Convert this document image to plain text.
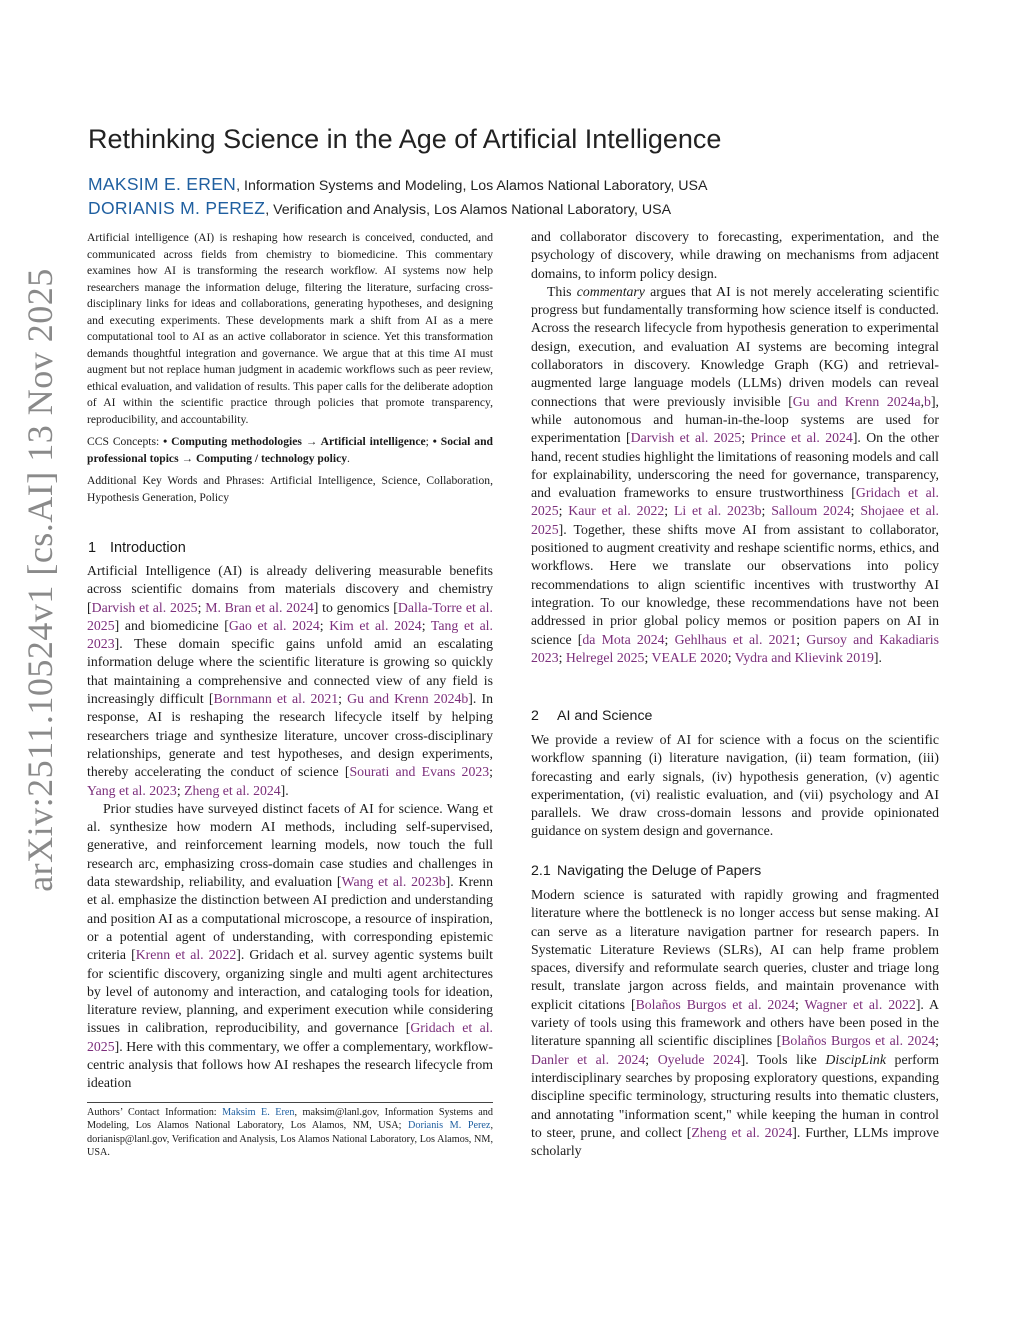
arXiv:2511.10524v1 [cs.AI] 13 Nov 2025
Rethinking Science in the Age of Artificial Intelligence
MAKSIM E. EREN, Information Systems and Modeling, Los Alamos National Laboratory, USA
DORIANIS M. PEREZ, Verification and Analysis, Los Alamos National Laboratory, USA

Artificial intelligence (AI) is reshaping how research is conceived, conducted, and communicated across fields from chemistry to biomedicine. This commentary examines how AI is transforming the research workflow. AI systems now help researchers manage the information deluge, filtering the literature, surfacing cross-disciplinary links for ideas and collaborations, generating hypotheses, and designing and executing experiments. These developments mark a shift from AI as a mere computational tool to AI as an active collaborator in science. Yet this transformation demands thoughtful integration and governance. We argue that at this time AI must augment but not replace human judgment in academic workflows such as peer review, ethical evaluation, and validation of results. This paper calls for the deliberate adoption of AI within the scientific practice through policies that promote transparency, reproducibility, and accountability.

CCS Concepts: • Computing methodologies → Artificial intelligence; • Social and professional topics → Computing / technology policy.

Additional Key Words and Phrases: Artificial Intelligence, Science, Collaboration, Hypothesis Generation, Policy

1 Introduction

Artificial Intelligence (AI) is already delivering measurable benefits across scientific domains from materials discovery and chemistry [Darvish et al. 2025; M. Bran et al. 2024] to genomics [Dalla-Torre et al. 2025] and biomedicine [Gao et al. 2024; Kim et al. 2024; Tang et al. 2023]. These domain specific gains unfold amid an escalating information deluge where the scientific literature is growing so quickly that maintaining a comprehensive and connected view of any field is increasingly difficult [Bornmann et al. 2021; Gu and Krenn 2024b]. In response, AI is reshaping the research lifecycle itself by helping researchers triage and synthesize literature, uncover cross-disciplinary relationships, generate and test hypotheses, and design experiments, thereby accelerating the conduct of science [Sourati and Evans 2023; Yang et al. 2023; Zheng et al. 2024].

Prior studies have surveyed distinct facets of AI for science. Wang et al. synthesize how modern AI methods, including self-supervised, generative, and reinforcement learning models, now touch the full research arc, emphasizing cross-domain case studies and challenges in data stewardship, reliability, and evaluation [Wang et al. 2023b]. Krenn et al. emphasize the distinction between AI prediction and understanding and position AI as a computational microscope, a resource of inspiration, or a potential agent of understanding, with corresponding epistemic criteria [Krenn et al. 2022]. Gridach et al. survey agentic systems built for scientific discovery, organizing single and multi agent architectures by level of autonomy and interaction, and cataloging tools for ideation, literature review, planning, and experiment execution while considering issues in calibration, reproducibility, and governance [Gridach et al. 2025]. Here with this commentary, we offer a complementary, workflow-centric analysis that follows how AI reshapes the research lifecycle from ideation

and collaborator discovery to forecasting, experimentation, and the psychology of discovery, while drawing on mechanisms from adjacent domains, to inform policy design.

This commentary argues that AI is not merely accelerating scientific progress but fundamentally transforming how science itself is conducted. Across the research lifecycle from hypothesis generation to experimental design, execution, and evaluation AI systems are becoming integral collaborators in discovery. Knowledge Graph (KG) and retrieval-augmented large language models (LLMs) driven models can reveal connections that were previously invisible [Gu and Krenn 2024a,b], while autonomous and human-in-the-loop systems are used for experimentation [Darvish et al. 2025; Prince et al. 2024]. On the other hand, recent studies highlight the limitations of reasoning models and call for explainability, underscoring the need for governance, transparency, and evaluation frameworks to ensure trustworthiness [Gridach et al. 2025; Kaur et al. 2022; Li et al. 2023b; Salloum 2024; Shojaee et al. 2025]. Together, these shifts move AI from assistant to collaborator, positioned to augment creativity and reshape scientific norms, ethics, and workflows. Here we translate our observations into policy recommendations to align scientific incentives with trustworthy AI integration. To our knowledge, these recommendations have not been addressed in prior global policy memos or position papers on AI in science [da Mota 2024; Gehlhaus et al. 2021; Gursoy and Kakadiaris 2023; Helregel 2025; VEALE 2020; Vydra and Klievink 2019].

2 AI and Science

We provide a review of AI for science with a focus on the scientific workflow spanning (i) literature navigation, (ii) team formation, (iii) forecasting and early signals, (iv) hypothesis generation, (v) agentic experimentation, (vi) realistic evaluation, and (vii) psychology and AI parallels. We draw cross-domain lessons and provide opinionated guidance on system design and governance.

2.1 Navigating the Deluge of Papers

Modern science is saturated with rapidly growing and fragmented literature where the bottleneck is no longer access but sense making. AI can serve as a literature navigation partner for research papers. In Systematic Literature Reviews (SLRs), AI can help frame problem spaces, diversify and reformulate search queries, cluster and triage long result, translate jargon across fields, and maintain provenance with explicit citations [Bolaños Burgos et al. 2024; Wagner et al. 2022]. A variety of tools using this framework and others have been posed in the literature spanning all scientific disciplines [Bolaños Burgos et al. 2024; Danler et al. 2024; Oyelude 2024]. Tools like DiscipLink perform interdisciplinary searches by proposing exploratory questions, expanding discipline specific terminology, structuring results into thematic clusters, and annotating "information scent," while keeping the human in control to steer, prune, and collect [Zheng et al. 2024]. Further, LLMs improve scholarly

Authors’ Contact Information: Maksim E. Eren, maksim@lanl.gov, Information Systems and Modeling, Los Alamos National Laboratory, Los Alamos, NM, USA; Dorianis M. Perez, dorianisp@lanl.gov, Verification and Analysis, Los Alamos National Laboratory, Los Alamos, NM, USA.
